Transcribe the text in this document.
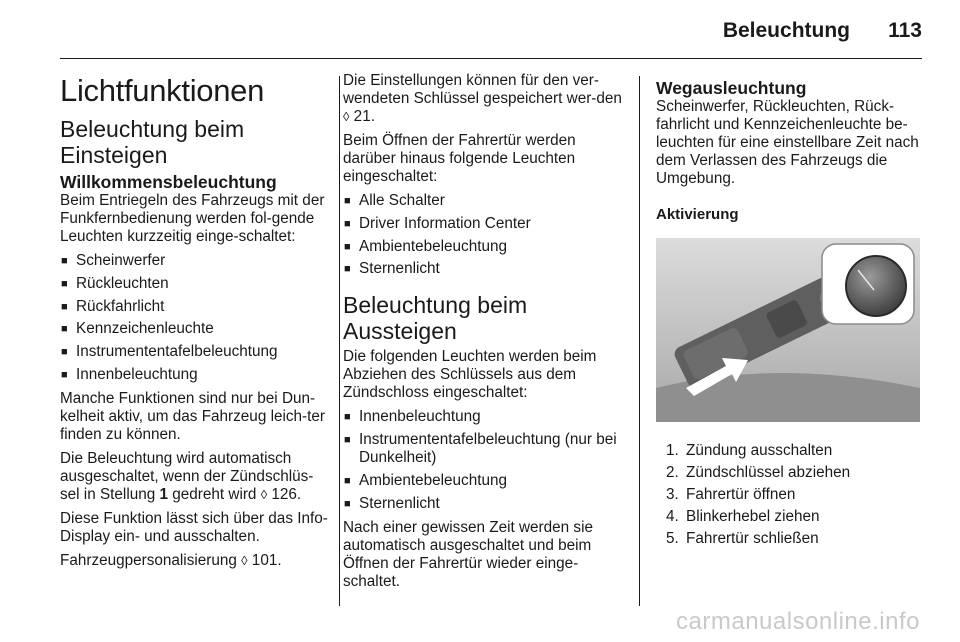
Beleuchtung 113
Lichtfunktionen
Beleuchtung beim Einsteigen
Willkommensbeleuchtung

Beim Entriegeln des Fahrzeugs mit der Funkfernbedienung werden fol-gende Leuchten kurzzeitig einge-schaltet:

■ Scheinwerfer
■ Rückleuchten
■ Rückfahrlicht
■ Kennzeichenleuchte
■ Instrumententafelbeleuchtung
■ Innenbeleuchtung

Manche Funktionen sind nur bei Dun-kelheit aktiv, um das Fahrzeug leich-ter finden zu können.

Die Beleuchtung wird automatisch ausgeschaltet, wenn der Zündschlüs-sel in Stellung 1 gedreht wird ◊ 126.

Diese Funktion lässt sich über das Info-Display ein- und ausschalten.

Fahrzeugpersonalisierung ◊ 101.

Die Einstellungen können für den ver-wendeten Schlüssel gespeichert wer-den ◊ 21.

Beim Öffnen der Fahrertür werden darüber hinaus folgende Leuchten eingeschaltet:

■ Alle Schalter
■ Driver Information Center
■ Ambientebeleuchtung
■ Sternenlicht
Beleuchtung beim Aussteigen

Die folgenden Leuchten werden beim Abziehen des Schlüssels aus dem Zündschloss eingeschaltet:

■ Innenbeleuchtung
■ Instrumententafelbeleuchtung (nur bei Dunkelheit)
■ Ambientebeleuchtung
■ Sternenlicht

Nach einer gewissen Zeit werden sie automatisch ausgeschaltet und beim Öffnen der Fahrertür wieder einge-schaltet.

Wegausleuchtung

Scheinwerfer, Rückleuchten, Rück-fahrlicht und Kennzeichenleuchte be-leuchten für eine einstellbare Zeit nach dem Verlassen des Fahrzeugs die Umgebung.

Aktivierung
1. Zündung ausschalten
2. Zündschlüssel abziehen
3. Fahrertür öffnen
4. Blinkerhebel ziehen
5. Fahrertür schließen
carmanualsonline.info
